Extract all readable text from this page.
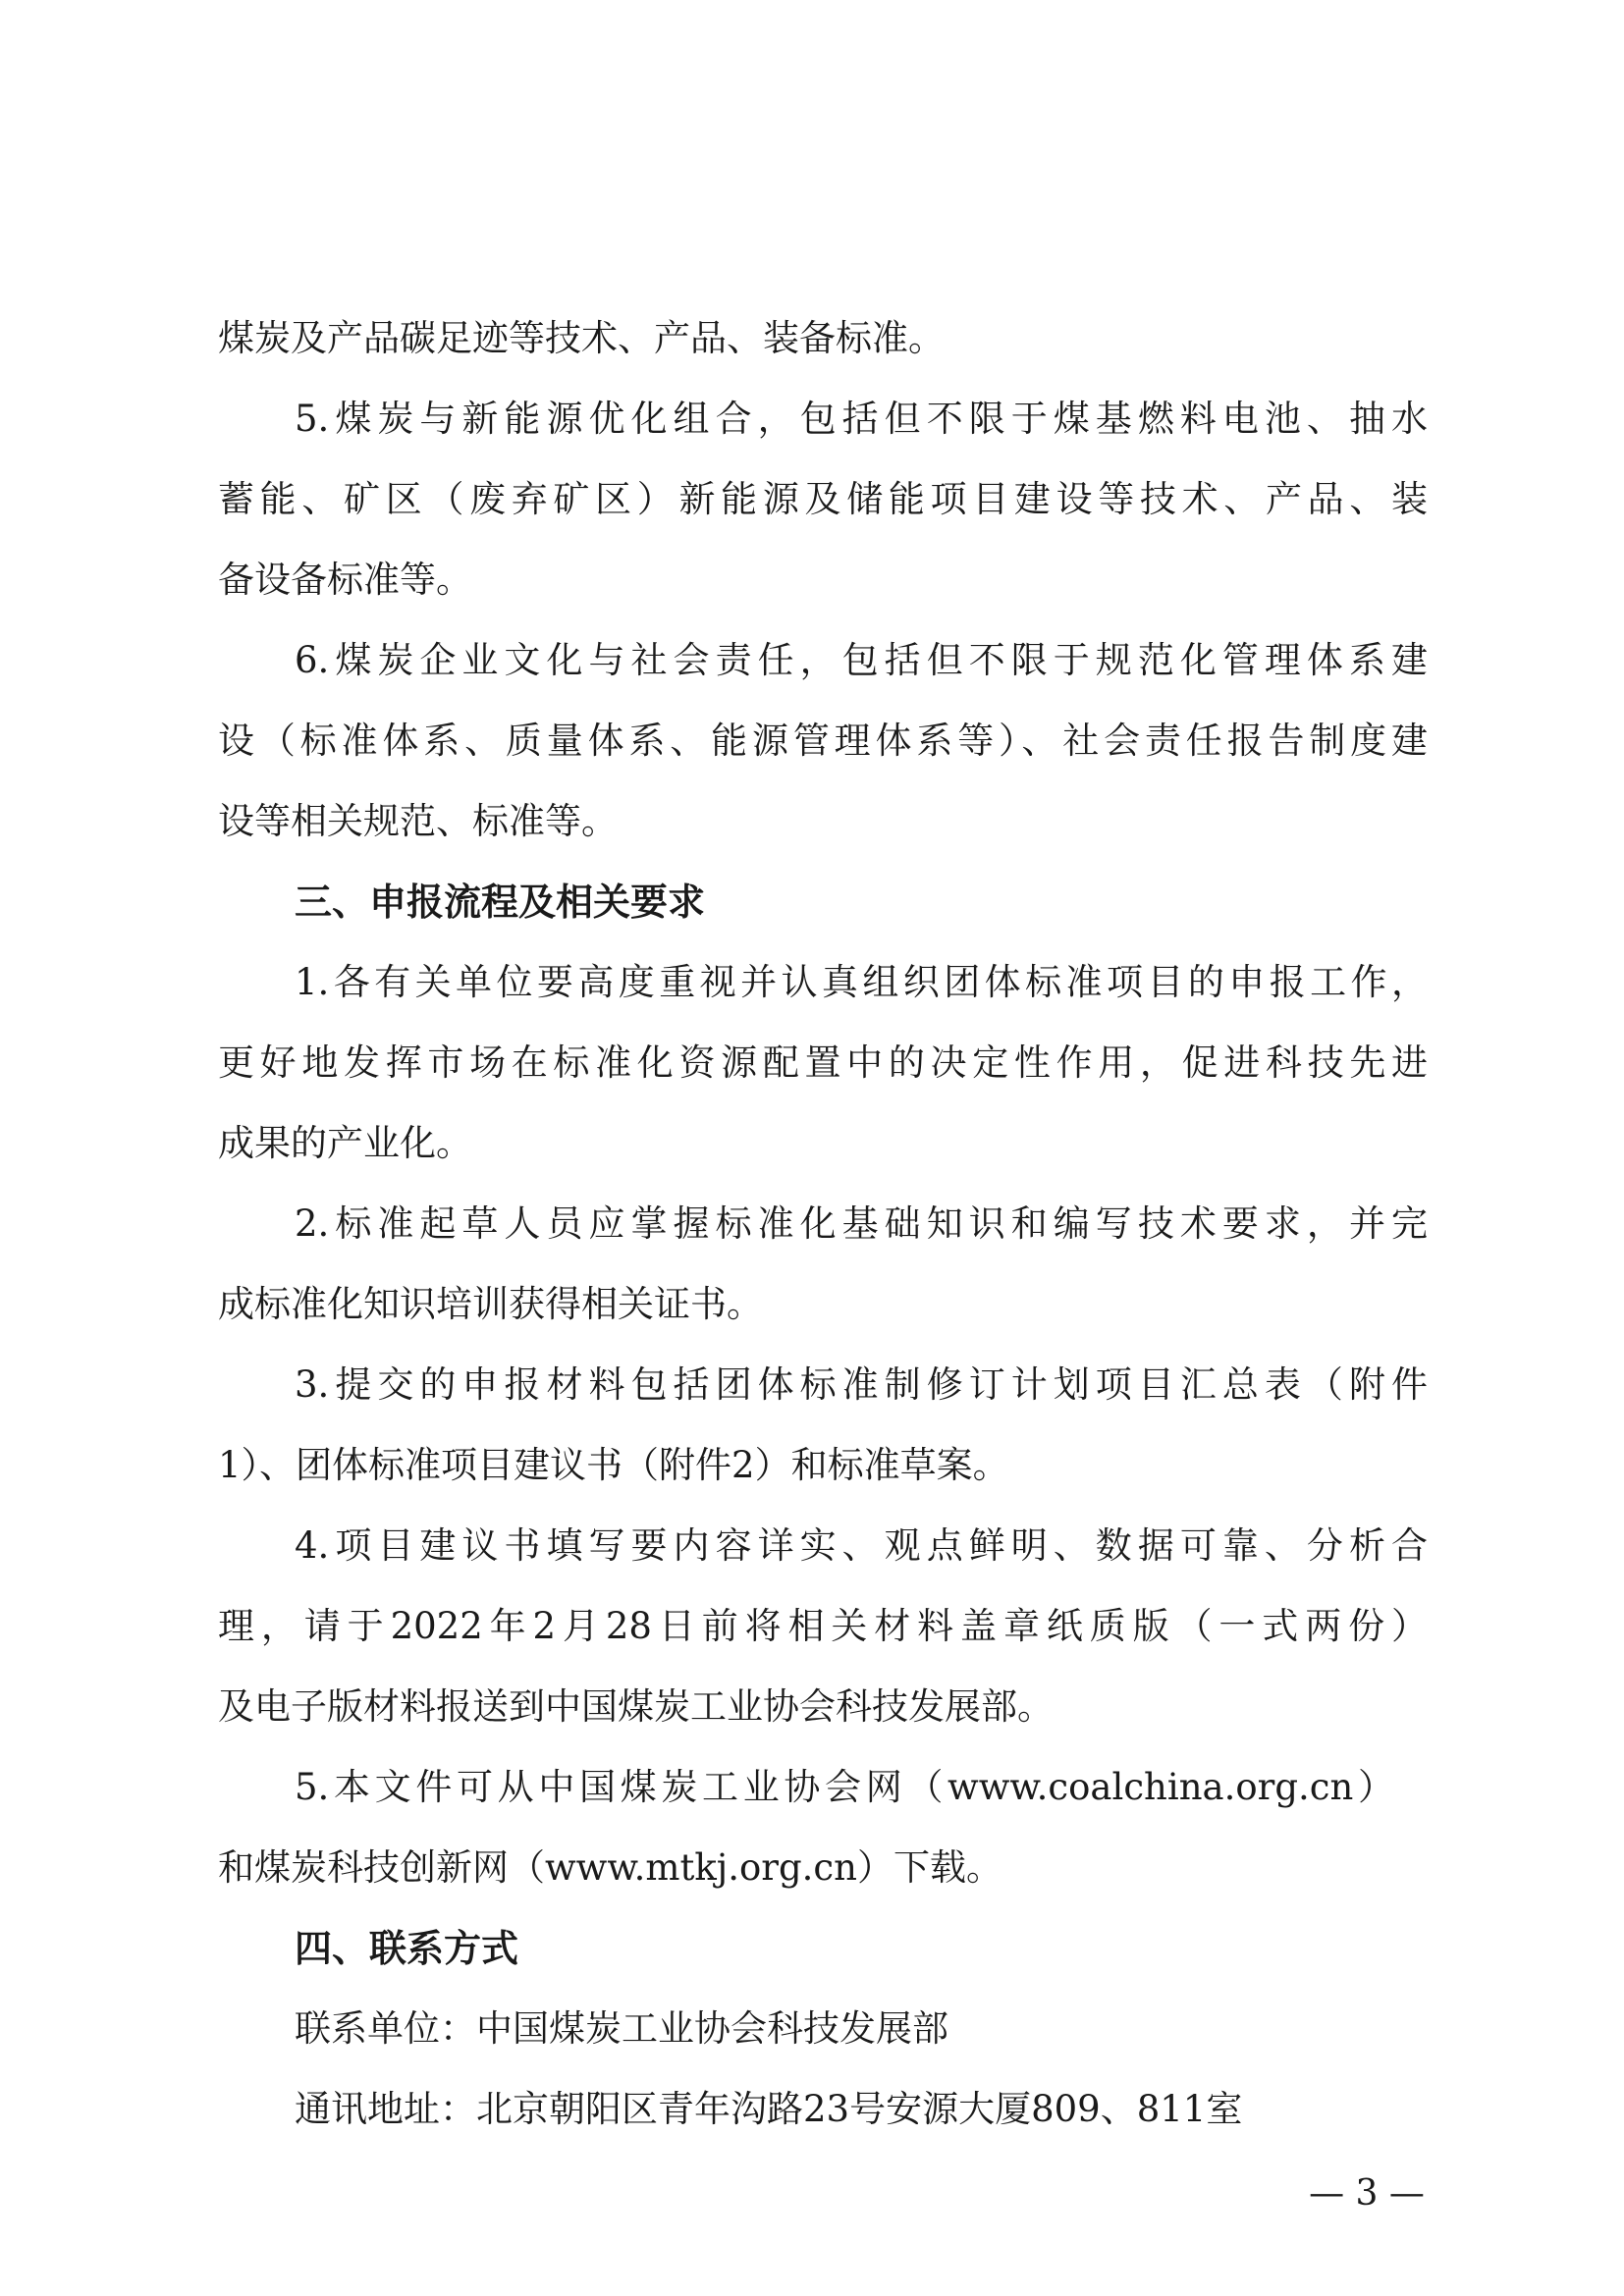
煤炭及产品碳足迹等技术、产品、装备标准。
5.煤炭与新能源优化组合，包括但不限于煤基燃料电池、抽水
蓄能、矿区（废弃矿区）新能源及储能项目建设等技术、产品、装
备设备标准等。
6.煤炭企业文化与社会责任，包括但不限于规范化管理体系建
设（标准体系、质量体系、能源管理体系等）、社会责任报告制度建
设等相关规范、标准等。
三、申报流程及相关要求
1.各有关单位要高度重视并认真组织团体标准项目的申报工作，
更好地发挥市场在标准化资源配置中的决定性作用，促进科技先进
成果的产业化。
2.标准起草人员应掌握标准化基础知识和编写技术要求，并完
成标准化知识培训获得相关证书。
3.提交的申报材料包括团体标准制修订计划项目汇总表（附件
1）、团体标准项目建议书（附件2）和标准草案。
4.项目建议书填写要内容详实、观点鲜明、数据可靠、分析合
理，请于2022年2月28日前将相关材料盖章纸质版（一式两份）
及电子版材料报送到中国煤炭工业协会科技发展部。
5.本文件可从中国煤炭工业协会网（www.coalchina.org.cn）
和煤炭科技创新网（www.mtkj.org.cn）下载。
四、联系方式
联系单位：中国煤炭工业协会科技发展部
通讯地址：北京朝阳区青年沟路23号安源大厦809、811室
— 3 —
